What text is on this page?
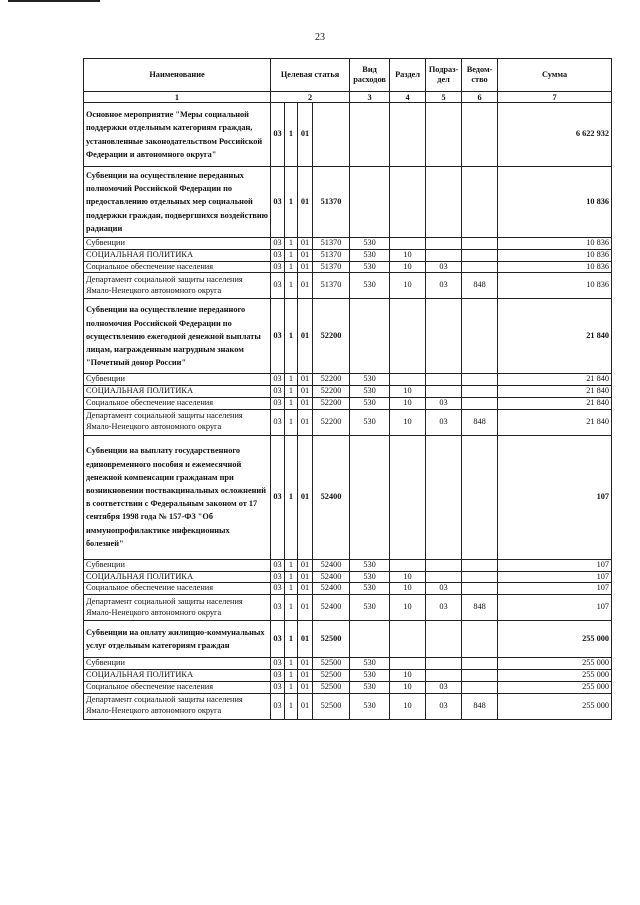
23
Наименование	Целевая статья				Вид расходов	Раздел	Подраз-дел	Ведом-ство	Сумма
1	2				3	4	5	6	7
Основное мероприятие "Меры социальной поддержки отдельным категориям граждан, установленные законодательством Российской Федерации и автономного округа"	03	1	01						6 622 932
Субвенции на осуществление переданных полномочий Российской Федерации по предоставлению отдельных мер социальной поддержки граждан, подвергшихся воздействию радиации	03	1	01	51370					10 836
Субвенции	03	1	01	51370	530				10 836
СОЦИАЛЬНАЯ ПОЛИТИКА	03	1	01	51370	530	10			10 836
Социальное обеспечение населения	03	1	01	51370	530	10	03		10 836
Департамент социальной защиты населения Ямало-Ненецкого автономного округа	03	1	01	51370	530	10	03	848	10 836
Субвенции на осуществление переданного полномочия Российской Федерации по осуществлению ежегодной денежной выплаты лицам, награжденным нагрудным знаком "Почетный донор России"	03	1	01	52200					21 840
Субвенции	03	1	01	52200	530				21 840
СОЦИАЛЬНАЯ ПОЛИТИКА	03	1	01	52200	530	10			21 840
Социальное обеспечение населения	03	1	01	52200	530	10	03		21 840
Департамент социальной защиты населения Ямало-Ненецкого автономного округа	03	1	01	52200	530	10	03	848	21 840
Субвенции на выплату государственного единовременного пособия и ежемесячной денежной компенсации гражданам при возникновении поствакцинальных осложнений в соответствии с Федеральным законом от 17 сентября 1998 года № 157-ФЗ "Об иммунопрофилактике инфекционных болезней"	03	1	01	52400					107
Субвенции	03	1	01	52400	530				107
СОЦИАЛЬНАЯ ПОЛИТИКА	03	1	01	52400	530	10			107
Социальное обеспечение населения	03	1	01	52400	530	10	03		107
Департамент социальной защиты населения Ямало-Ненецкого автономного округа	03	1	01	52400	530	10	03	848	107
Субвенции на оплату жилищно-коммунальных услуг отдельным категориям граждан	03	1	01	52500					255 000
Субвенции	03	1	01	52500	530				255 000
СОЦИАЛЬНАЯ ПОЛИТИКА	03	1	01	52500	530	10			255 000
Социальное обеспечение населения	03	1	01	52500	530	10	03		255 000
Департамент социальной защиты населения Ямало-Ненецкого автономного округа	03	1	01	52500	530	10	03	848	255 000
